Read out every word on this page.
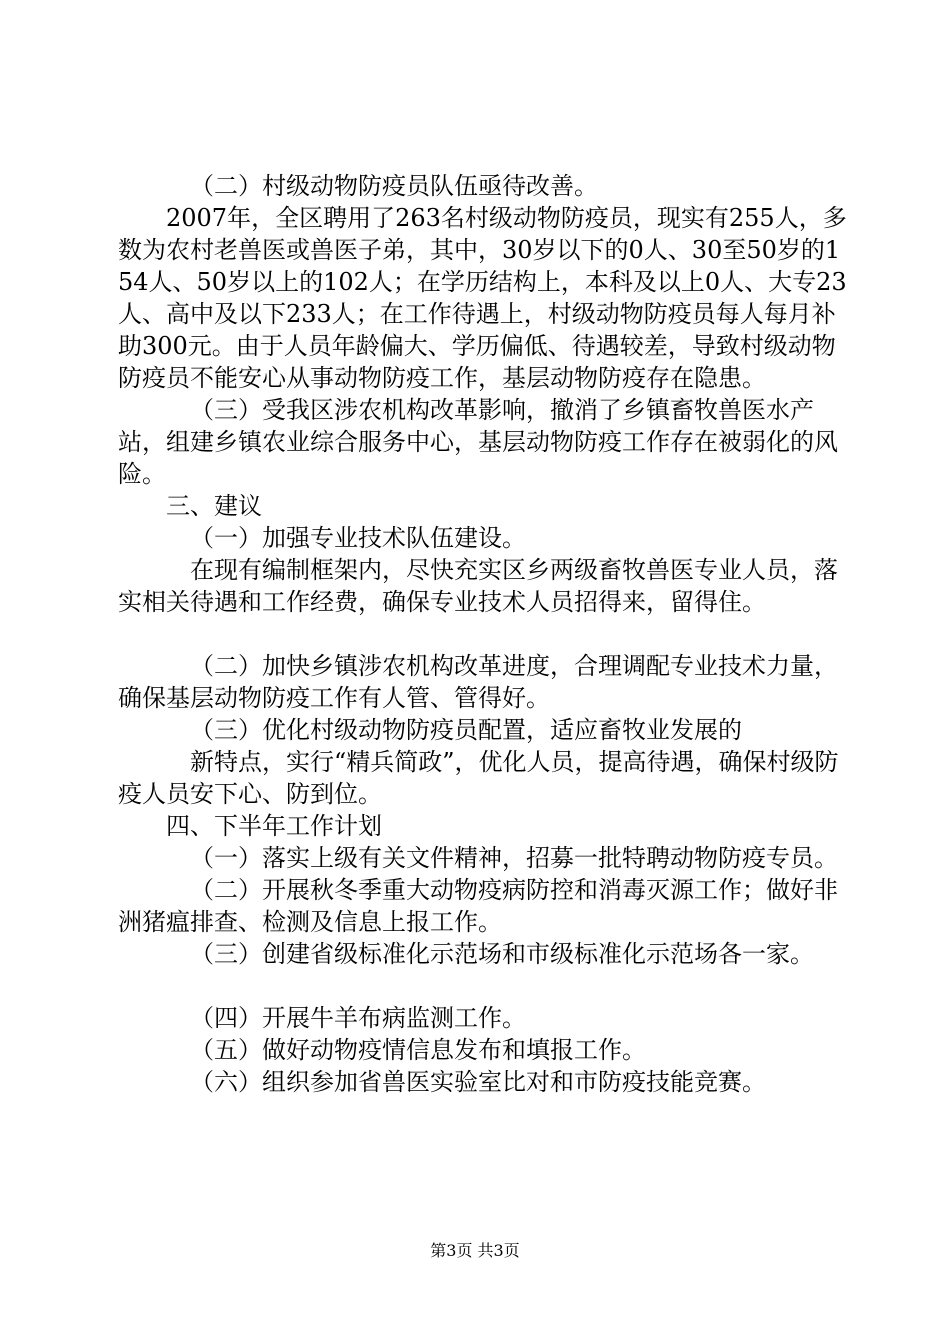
（二）村级动物防疫员队伍亟待改善。

2007年，全区聘用了263名村级动物防疫员，现实有255人，多数为农村老兽医或兽医子弟，其中，30岁以下的0人、30至50岁的154人、50岁以上的102人；在学历结构上，本科及以上0人、大专23人、高中及以下233人；在工作待遇上，村级动物防疫员每人每月补助300元。由于人员年龄偏大、学历偏低、待遇较差，导致村级动物防疫员不能安心从事动物防疫工作，基层动物防疫存在隐患。

（三）受我区涉农机构改革影响，撤消了乡镇畜牧兽医水产站，组建乡镇农业综合服务中心，基层动物防疫工作存在被弱化的风险。

三、建议

（一）加强专业技术队伍建设。

在现有编制框架内，尽快充实区乡两级畜牧兽医专业人员，落实相关待遇和工作经费，确保专业技术人员招得来，留得住。

（二）加快乡镇涉农机构改革进度，合理调配专业技术力量，确保基层动物防疫工作有人管、管得好。

（三）优化村级动物防疫员配置，适应畜牧业发展的

新特点，实行“精兵简政”，优化人员，提高待遇，确保村级防疫人员安下心、防到位。

四、下半年工作计划

（一）落实上级有关文件精神，招募一批特聘动物防疫专员。

（二）开展秋冬季重大动物疫病防控和消毒灭源工作；做好非洲猪瘟排查、检测及信息上报工作。

（三）创建省级标准化示范场和市级标准化示范场各一家。

（四）开展牛羊布病监测工作。

（五）做好动物疫情信息发布和填报工作。

（六）组织参加省兽医实验室比对和市防疫技能竞赛。

第3页 共3页
